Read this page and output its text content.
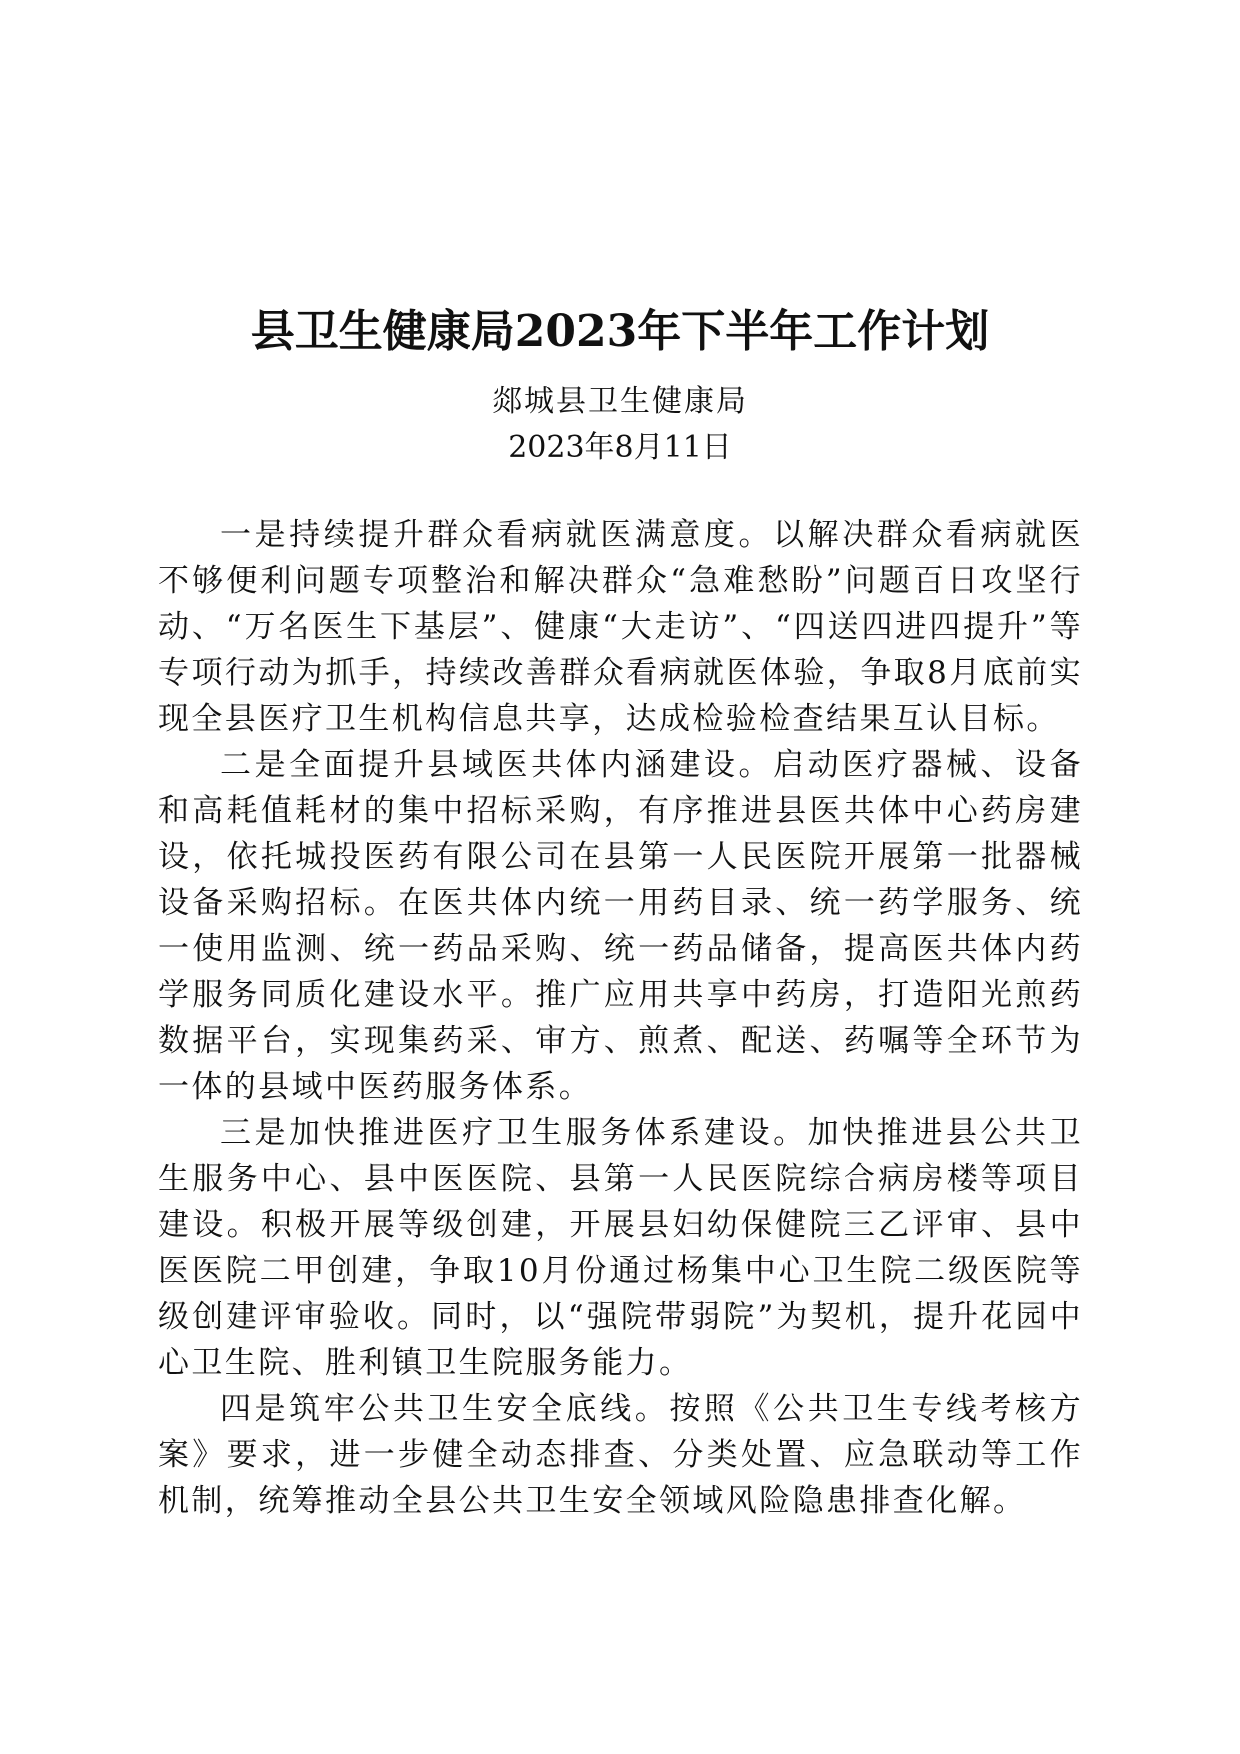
县卫生健康局2023年下半年工作计划
郯城县卫生健康局
2023年8月11日

一是持续提升群众看病就医满意度。以解决群众看病就医不够便利问题专项整治和解决群众“急难愁盼”问题百日攻坚行动、“万名医生下基层”、健康“大走访”、“四送四进四提升”等专项行动为抓手，持续改善群众看病就医体验，争取8月底前实现全县医疗卫生机构信息共享，达成检验检查结果互认目标。

二是全面提升县域医共体内涵建设。启动医疗器械、设备和高耗值耗材的集中招标采购，有序推进县医共体中心药房建设，依托城投医药有限公司在县第一人民医院开展第一批器械设备采购招标。在医共体内统一用药目录、统一药学服务、统一使用监测、统一药品采购、统一药品储备，提高医共体内药学服务同质化建设水平。推广应用共享中药房，打造阳光煎药数据平台，实现集药采、审方、煎煮、配送、药嘱等全环节为一体的县域中医药服务体系。

三是加快推进医疗卫生服务体系建设。加快推进县公共卫生服务中心、县中医医院、县第一人民医院综合病房楼等项目建设。积极开展等级创建，开展县妇幼保健院三乙评审、县中医医院二甲创建，争取10月份通过杨集中心卫生院二级医院等级创建评审验收。同时，以“强院带弱院”为契机，提升花园中心卫生院、胜利镇卫生院服务能力。

四是筑牢公共卫生安全底线。按照《公共卫生专线考核方案》要求，进一步健全动态排查、分类处置、应急联动等工作机制，统筹推动全县公共卫生安全领域风险隐患排查化解。
